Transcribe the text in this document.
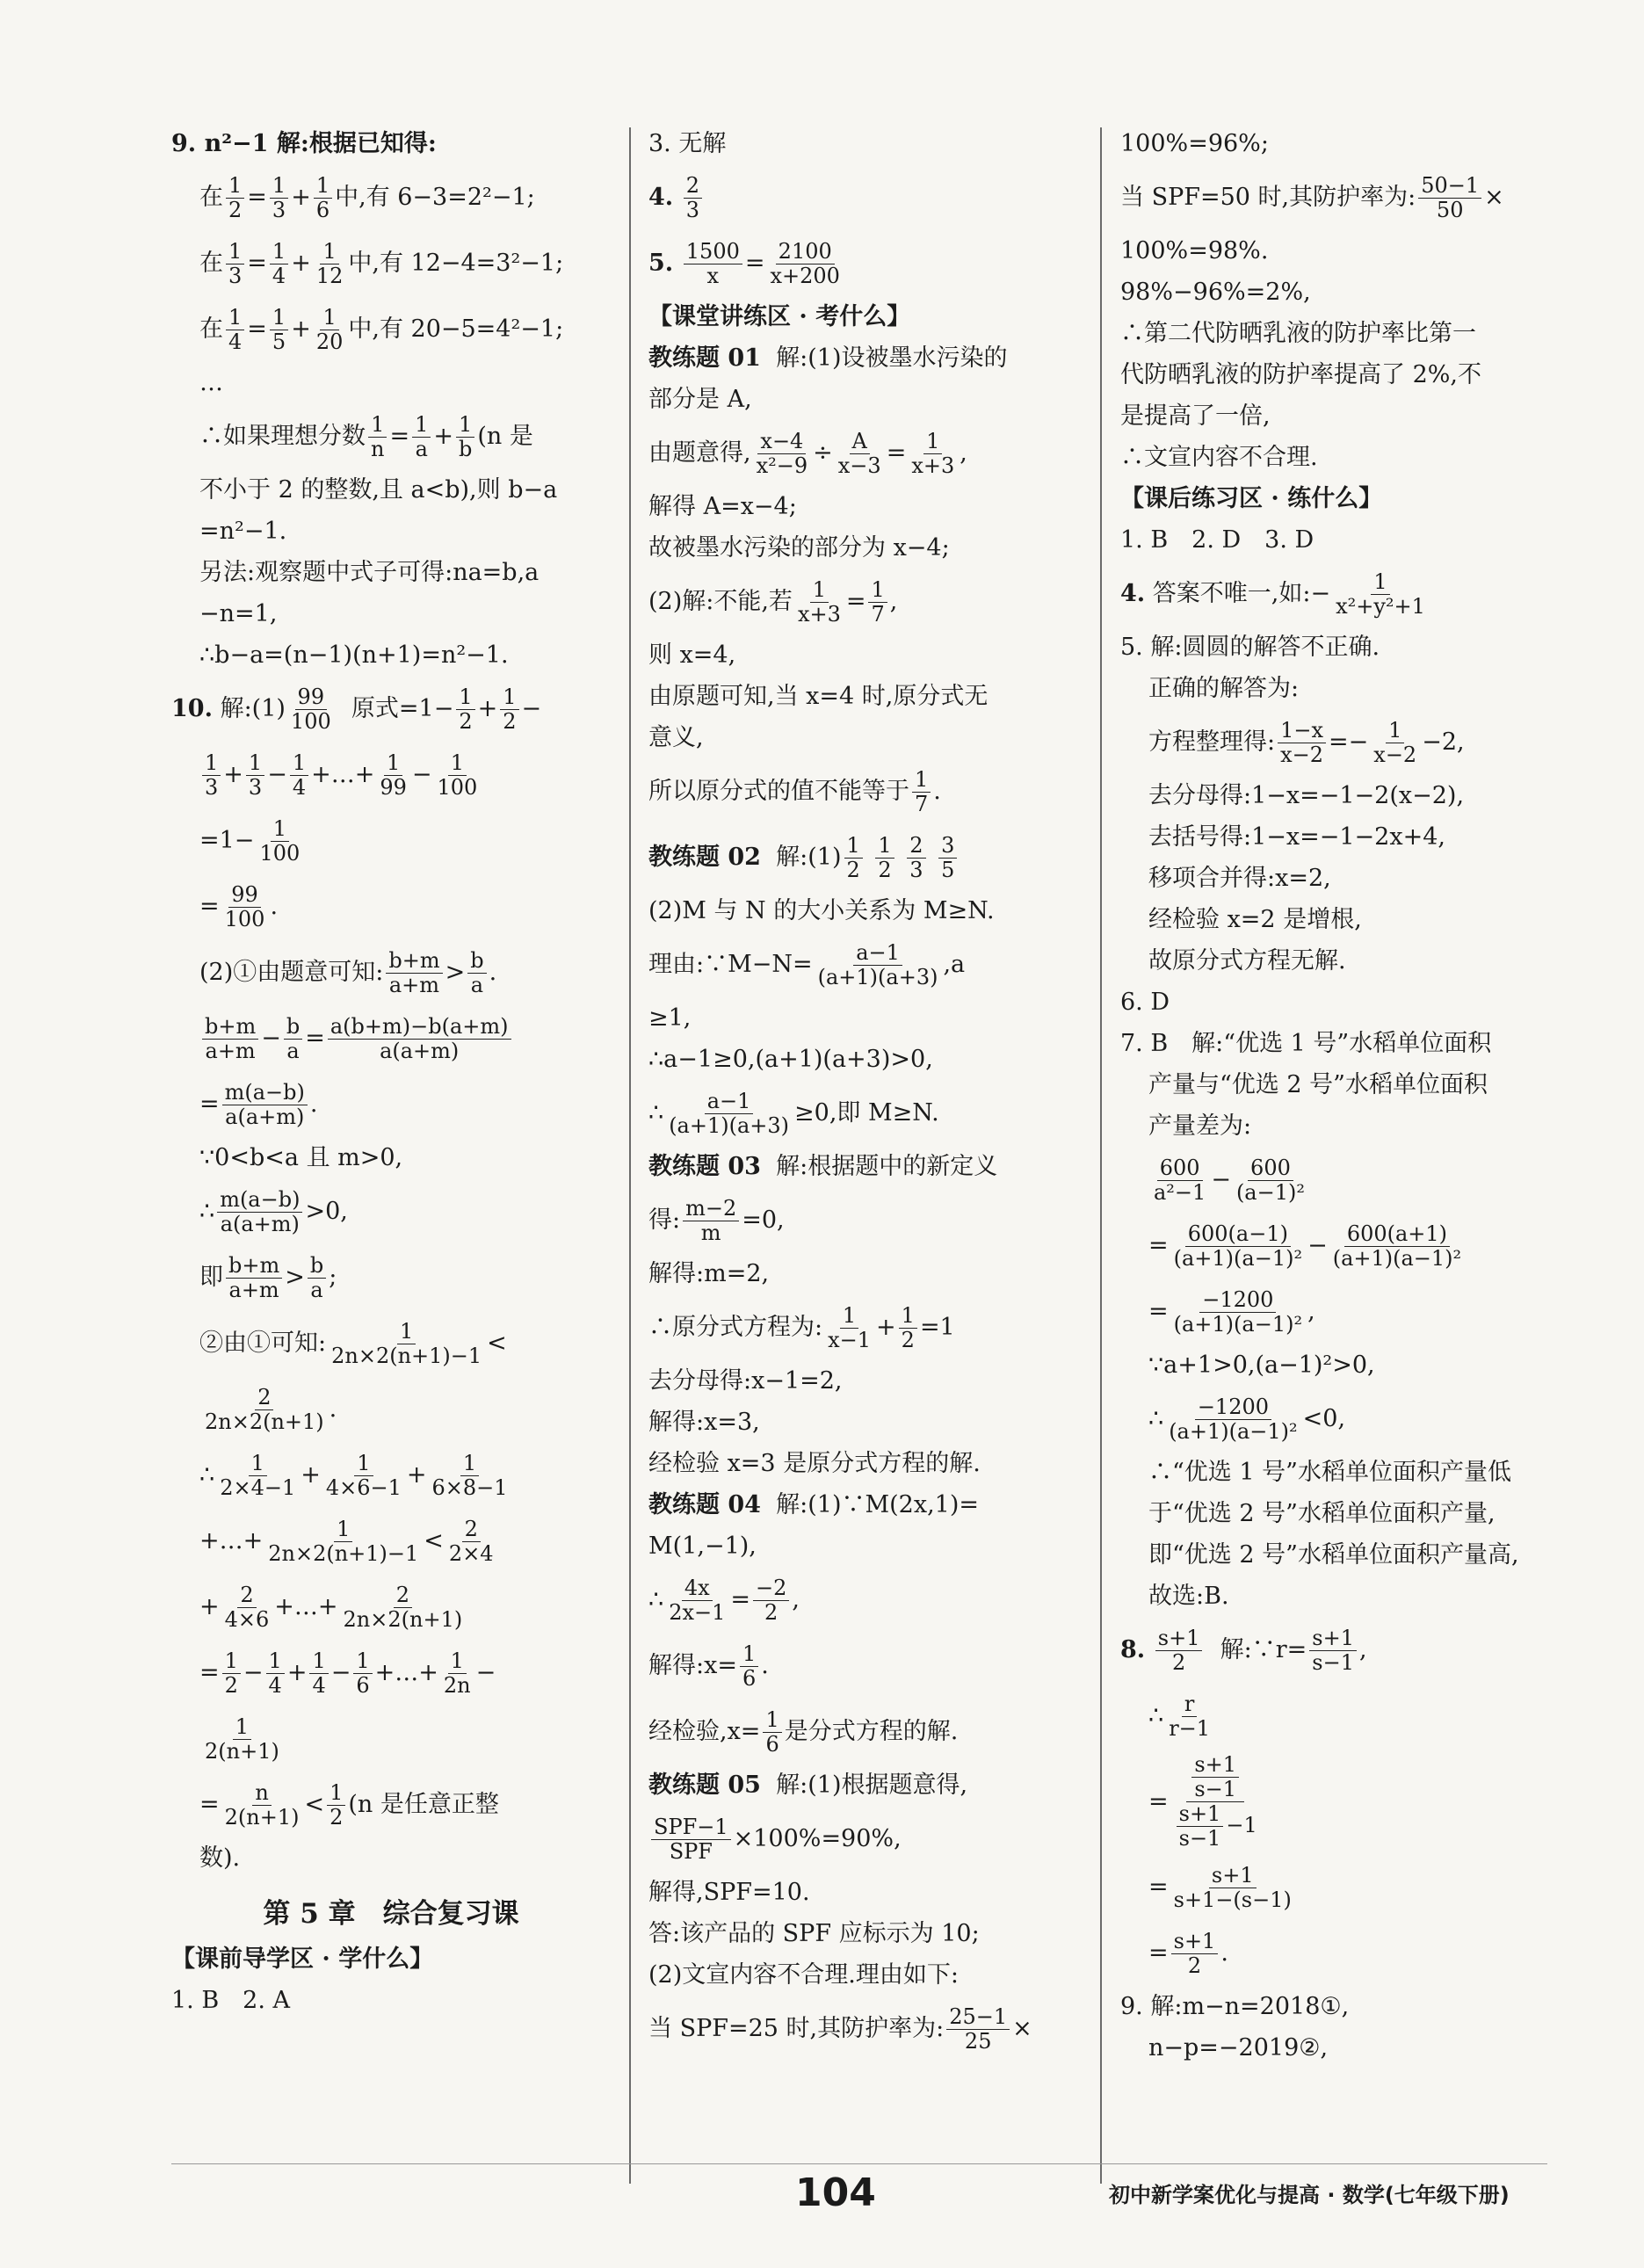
9. n²−1 解:根据已知得:
在 $\frac{1}{2} = \frac{1}{3} + \frac{1}{6}$ 中,有 6−3=2²−1;
在 $\frac{1}{3} = \frac{1}{4} + \frac{1}{12}$ 中,有 12−4=3²−1;
在 $\frac{1}{4} = \frac{1}{5} + \frac{1}{20}$ 中,有 20−5=4²−1;
…
∴如果理想分数 $\frac{1}{n} = \frac{1}{a} + \frac{1}{b} (n$ 是
不小于 2 的整数,且 a<b),则 b−a
=n²−1.
另法:观察题中式子可得:na=b,a
−n=1,
∴b−a=(n−1)(n+1)=n²−1.
10. 解:(1) $\frac{99}{100}$ 原式$=1- \frac{1}{2} + \frac{1}{2}$ −
$\frac{1}{3} + \frac{1}{3} - \frac{1}{4}$ +…+ $\frac{1}{99} - \frac{1}{100}$
$=1- \frac{1}{100}$
= $\frac{99}{100}$ .
(2)①由题意可知: $\frac{b+m}{a+m} > \frac{b}{a}$ .
$\frac{b+m}{a+m} - \frac{b}{a} = \frac{a(b+m)-b(a+m)}{a(a+m)}$
= $\frac{m(a-b)}{a(a+m)}$ .
∵0<b<a 且 m>0,
∴ $\frac{m(a-b)}{a(a+m)} >0$,
即 $\frac{b+m}{a+m} > \frac{b}{a}$ ;
②由①可知: $\frac{1}{2n\times 2(n+1)-1}$ <
$\frac{2}{2n\times 2(n+1)}$ .
∴ $\frac{1}{2\times 4-1} + \frac{1}{4\times 6-1} + \frac{1}{6\times 8-1}$
+…+ $\frac{1}{2n\times 2(n+1)-1} < \frac{2}{2\times 4}$
+ $\frac{2}{4\times 6}$ +…+ $\frac{2}{2n\times 2(n+1)}$
= $\frac{1}{2} - \frac{1}{4} + \frac{1}{4} - \frac{1}{6}$ +…+ $\frac{1}{2n}$ −
$\frac{1}{2(n+1)}$
= $\frac{n}{2(n+1)} < \frac{1}{2} (n$ 是任意正整
数).
第 5 章　综合复习课
【课前导学区 · 学什么】
1. B　2. A
3. 无解
4.
$\frac{2}{3}$
5.
$\frac{1500}{x} = \frac{2100}{x+200}$
【课堂讲练区 · 考什么】
教练题 01
解:(1)设被墨水污染的
部分是 A,
由题意得, $\frac{x-4}{\text{x²−9}} \div \frac{A}{x-3} = \frac{1}{x+3}$ ,
解得 A=x−4;
故被墨水污染的部分为 x−4;
(2)解:不能,若 $\frac{1}{x+3} = \frac{1}{7}$ ,
则 x=4,
由原题可知,当 x=4 时,原分式无
意义,
所以原分式的值不能等于 $\frac{1}{7}$ .
教练题 02 解:(1) $\frac{1}{2}$
$\frac{1}{2}$
$\frac{2}{3}$
$\frac{3}{5}$
(2)M 与 N 的大小关系为 M≥N.
理由:∵M−N= $\frac{a-1}{(a+1)(a+3)} ,a$
≥1,
∴a−1≥0,(a+1)(a+3)>0,
∴ $\frac{a-1}{(a+1)(a+3)} \ge 0$,即 M≥N.
教练题 03
解:根据题中的新定义
得: $\frac{m-2}{m} =0$,
解得:m=2,
∴原分式方程为: $\frac{1}{x-1} + \frac{1}{2} =1$
去分母得:x−1=2,
解得:x=3,
经检验 x=3 是原分式方程的解.
教练题 04
解:(1)∵M(2x,1)=
M(1,−1),
∴ $\frac{4x}{2x-1} = \frac{-2}{2}$ ,
解得:x= $\frac{1}{6}$ .
经检验$,x= \frac{1}{6}$ 是分式方程的解.
教练题 05
解:(1)根据题意得,
$\frac{\text{SPF−1}}{\text{SPF}} \times 100\%=90\%$,
解得,SPF=10.
答:该产品的 SPF 应标示为 10;
(2)文宣内容不合理.理由如下:
当 SPF=25 时,其防护率为: $\frac{25-1}{25}$ ×
100%=96%;
当 SPF=50 时,其防护率为: $\frac{50-1}{50}$ ×
100%=98%.
98%−96%=2%,
∴第二代防晒乳液的防护率比第一
代防晒乳液的防护率提高了 2%,不
是提高了一倍,
∴文宣内容不合理.
【课后练习区 · 练什么】
1. B　2. D　3. D
4. 答案不唯一,如:− $\frac{1}{\text{x²+y²+1}}$
5. 解:圆圆的解答不正确.
正确的解答为:
方程整理得: $\frac{1-x}{x-2} =- \frac{1}{x-2} -2$,
去分母得:1−x=−1−2(x−2),
去括号得:1−x=−1−2x+4,
移项合并得:x=2,
经检验 x=2 是增根,
故原分式方程无解.
6. D
7. B　解:“优选 1 号”水稻单位面积
产量与“优选 2 号”水稻单位面积
产量差为:
$\frac{600}{\text{a²−1}} - \frac{600}{\text{(a−1)²}}$
= $\frac{600(a-1)}{\text{(a+1)(a−1)²}} - \frac{600(a+1)}{\text{(a+1)(a−1)²}}$
= $\frac{-1200}{\text{(a+1)(a−1)²}}$ ,
∵a+1>0,(a−1)²>0,
∴ $\frac{-1200}{\text{(a+1)(a−1)²}} <0$,
∴“优选 1 号”水稻单位面积产量低
于“优选 2 号”水稻单位面积产量,
即“优选 2 号”水稻单位面积产量高,
故选:B.
8.
$\frac{s+1}{2}$ 解:∵r= $\frac{s+1}{s-1}$ ,
∴ $\frac{r}{r-1}$
= $\frac{\frac{s+1}{s-1}}{\frac{s+1}{s-1} -1}$
= $\frac{s+1}{s+1-(s-1)}$
= $\frac{s+1}{2}$ .
9. 解:m−n=2018①,
n−p=−2019②,
104	初中新学案优化与提高 · 数学(七年级下册)
